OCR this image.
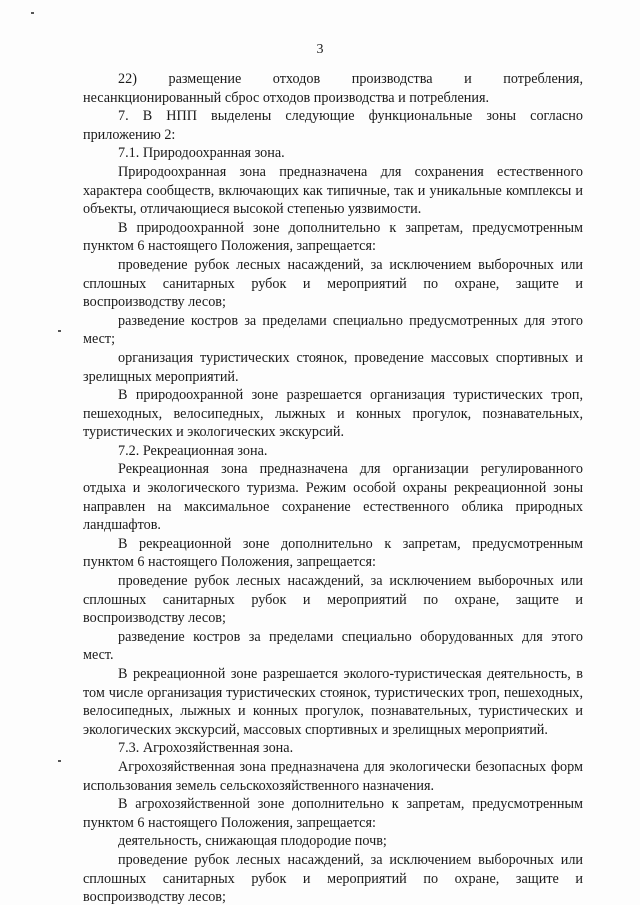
3

22) размещение отходов производства и потребления, несанкционированный сброс отходов производства и потребления.

7. В НПП выделены следующие функциональные зоны согласно приложению 2:

7.1. Природоохранная зона.

Природоохранная зона предназначена для сохранения естественного характера сообществ, включающих как типичные, так и уникальные комплексы и объекты, отличающиеся высокой степенью уязвимости.

В природоохранной зоне дополнительно к запретам, предусмотренным пунктом 6 настоящего Положения, запрещается:

проведение рубок лесных насаждений, за исключением выборочных или сплошных санитарных рубок и мероприятий по охране, защите и воспроизводству лесов;

разведение костров за пределами специально предусмотренных для этого мест;

организация туристических стоянок, проведение массовых спортивных и зрелищных мероприятий.

В природоохранной зоне разрешается организация туристических троп, пешеходных, велосипедных, лыжных и конных прогулок, познавательных, туристических и экологических экскурсий.

7.2. Рекреационная зона.

Рекреационная зона предназначена для организации регулированного отдыха и экологического туризма. Режим особой охраны рекреационной зоны направлен на максимальное сохранение естественного облика природных ландшафтов.

В рекреационной зоне дополнительно к запретам, предусмотренным пунктом 6 настоящего Положения, запрещается:

проведение рубок лесных насаждений, за исключением выборочных или сплошных санитарных рубок и мероприятий по охране, защите и воспроизводству лесов;

разведение костров за пределами специально оборудованных для этого мест.

В рекреационной зоне разрешается эколого-туристическая деятельность, в том числе организация туристических стоянок, туристических троп, пешеходных, велосипедных, лыжных и конных прогулок, познавательных, туристических и экологических экскурсий, массовых спортивных и зрелищных мероприятий.

7.3. Агрохозяйственная зона.

Агрохозяйственная зона предназначена для экологически безопасных форм использования земель сельскохозяйственного назначения.

В агрохозяйственной зоне дополнительно к запретам, предусмотренным пунктом 6 настоящего Положения, запрещается:

деятельность, снижающая плодородие почв;

проведение рубок лесных насаждений, за исключением выборочных или сплошных санитарных рубок и мероприятий по охране, защите и воспроизводству лесов;
